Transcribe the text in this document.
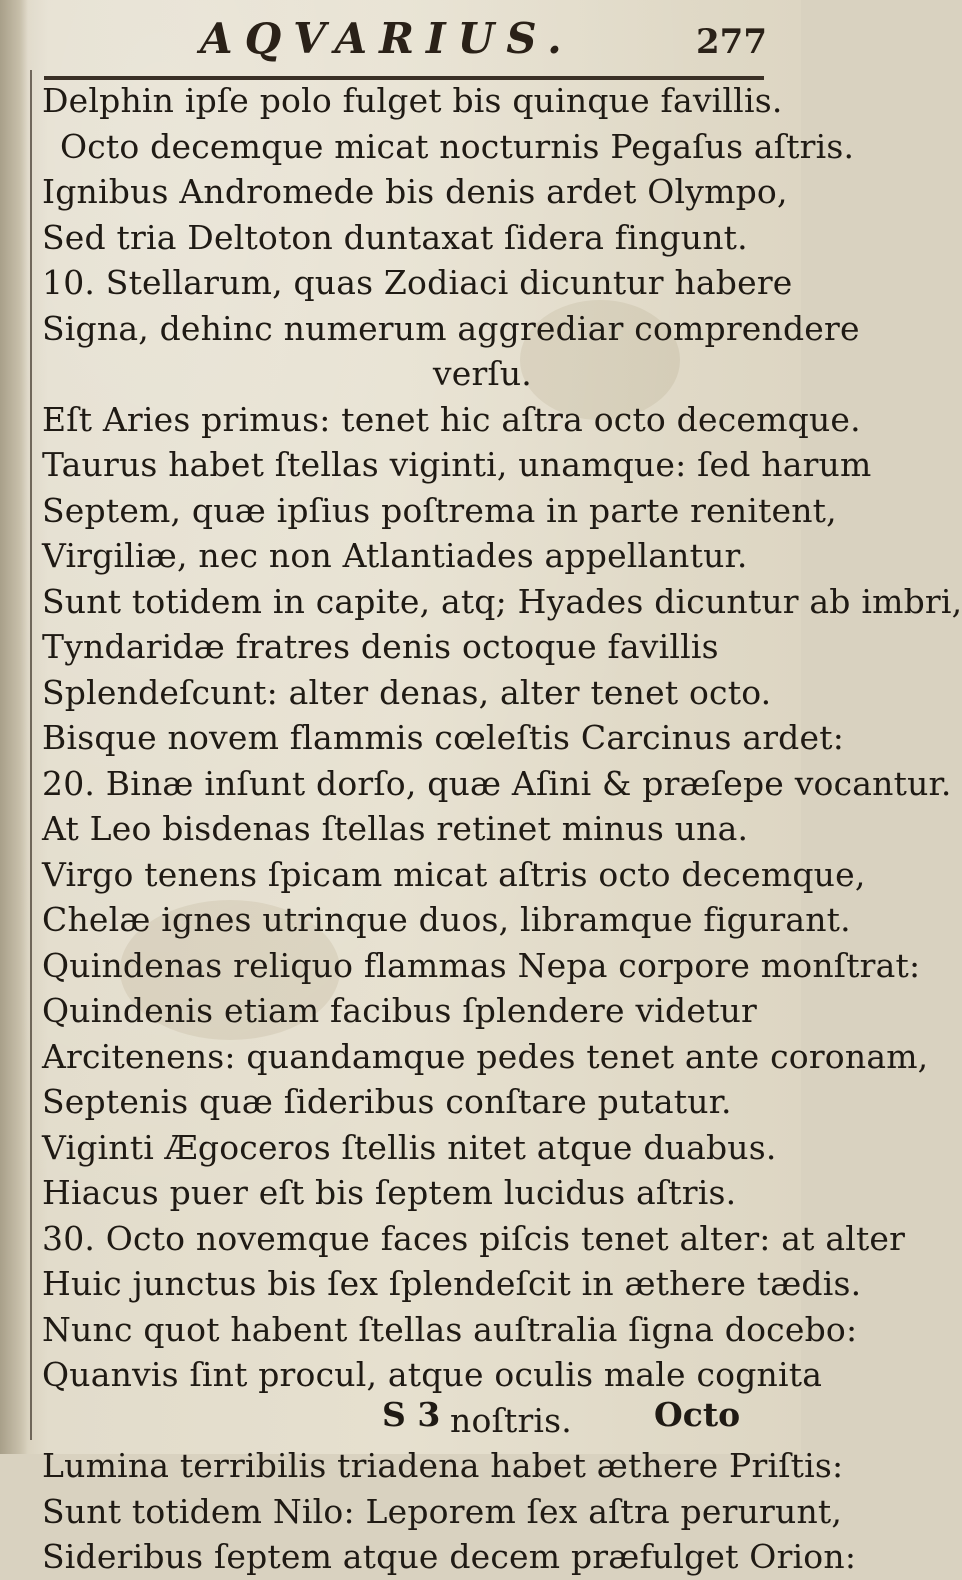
AQVARIUS.	277
Delphin ipſe polo fulget bis quinque favillis.
Octo decemque micat nocturnis Pegaſus aſtris.
Ignibus Andromede bis denis ardet Olympo,
Sed tria Deltoton duntaxat ſidera fingunt.
10. Stellarum, quas Zodiaci dicuntur habere
Signa, dehinc numerum aggrediar comprendere
verſu.
Eſt Aries primus: tenet hic aſtra octo decemque.
Taurus habet ſtellas viginti, unamque: ſed harum
Septem, quæ ipſius poſtrema in parte renitent,
Virgiliæ, nec non Atlantiades appellantur.
Sunt totidem in capite, atq; Hyades dicuntur ab imbri,
Tyndaridæ fratres denis octoque favillis
Splendeſcunt: alter denas, alter tenet octo.
Bisque novem flammis cœleſtis Carcinus ardet:
20. Binæ inſunt dorſo, quæ Aſini & præſepe vocantur.
At Leo bisdenas ſtellas retinet minus una.
Virgo tenens ſpicam micat aſtris octo decemque,
Chelæ ignes utrinque duos, libramque figurant.
Quindenas reliquo flammas Nepa corpore monſtrat:
Quindenis etiam facibus ſplendere videtur
Arcitenens: quandamque pedes tenet ante coronam,
Septenis quæ ſideribus conſtare putatur.
Viginti Ægoceros ſtellis nitet atque duabus.
Hiacus puer eſt bis ſeptem lucidus aſtris.
30. Octo novemque faces piſcis tenet alter: at alter
Huic junctus bis ſex ſplendeſcit in æthere tædis.
Nunc quot habent ſtellas auſtralia ſigna docebo:
Quanvis ſint procul, atque oculis male cognita
noſtris.
Lumina terribilis triadena habet æthere Priſtis:
Sunt totidem Nilo: Leporem ſex aſtra perurunt,
Sideribus ſeptem atque decem præfulget Orion:
S 3	Octo
